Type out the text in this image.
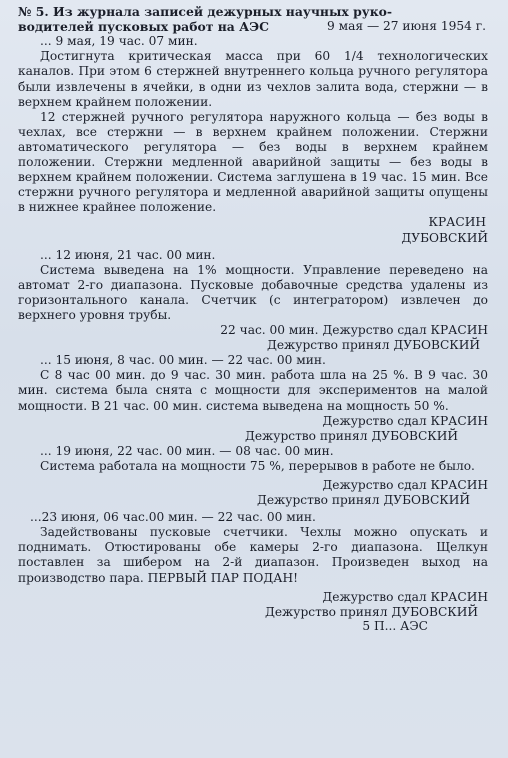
№ 5. Из журнала записей дежурных научных руко-

водителей пусковых работ на АЭС	9 мая — 27 июня 1954 г.

... 9 мая, 19 час. 07 мин.

Достигнута критическая масса при 60 1/4 технологических каналов. При этом 6 стержней внутреннего кольца ручного регулятора были извлечены в ячейки, в одни из чехлов залита вода, стержни — в верхнем крайнем положении.

12 стержней ручного регулятора наружного кольца — без воды в чехлах, все стержни — в верхнем крайнем положении. Стержни автоматического регулятора — без воды в верхнем крайнем положении. Стержни медленной аварийной защиты — без воды в верхнем крайнем положении. Система заглушена в 19 час. 15 мин. Все стержни ручного регулятора и медленной аварийной защиты опущены в нижнее крайнее положение.

КРАСИН

ДУБОВСКИЙ

... 12 июня, 21 час. 00 мин.

Система выведена на 1% мощности. Управление переведено на автомат 2-го диапазона. Пусковые добавочные средства удалены из горизонтального канала. Счетчик (с интегратором) извлечен до верхнего уровня трубы.

22 час. 00 мин. Дежурство сдал КРАСИН

Дежурство принял ДУБОВСКИЙ

... 15 июня, 8 час. 00 мин. — 22 час. 00 мин.

С 8 час 00 мин. до 9 час. 30 мин. работа шла на 25 %. В 9 час. 30 мин. система была снята с мощности для экспериментов на малой мощности. В 21 час. 00 мин. система выведена на мощность 50 %.

Дежурство сдал КРАСИН

Дежурство принял ДУБОВСКИЙ

... 19 июня, 22 час. 00 мин. — 08 час. 00 мин.

Система работала на мощности 75 %, перерывов в работе не было.

Дежурство сдал КРАСИН

Дежурство принял ДУБОВСКИЙ

...23 июня, 06 час.00 мин. — 22 час. 00 мин.

Задействованы пусковые счетчики. Чехлы можно опускать и поднимать. Отюстированы обе камеры 2-го диапазона. Щелкун поставлен за шибером на 2-й диапазон. Произведен выход на производство пара. ПЕРВЫЙ ПАР ПОДАН!

Дежурство сдал КРАСИН

Дежурство принял ДУБОВСКИЙ

5 П... АЭС
